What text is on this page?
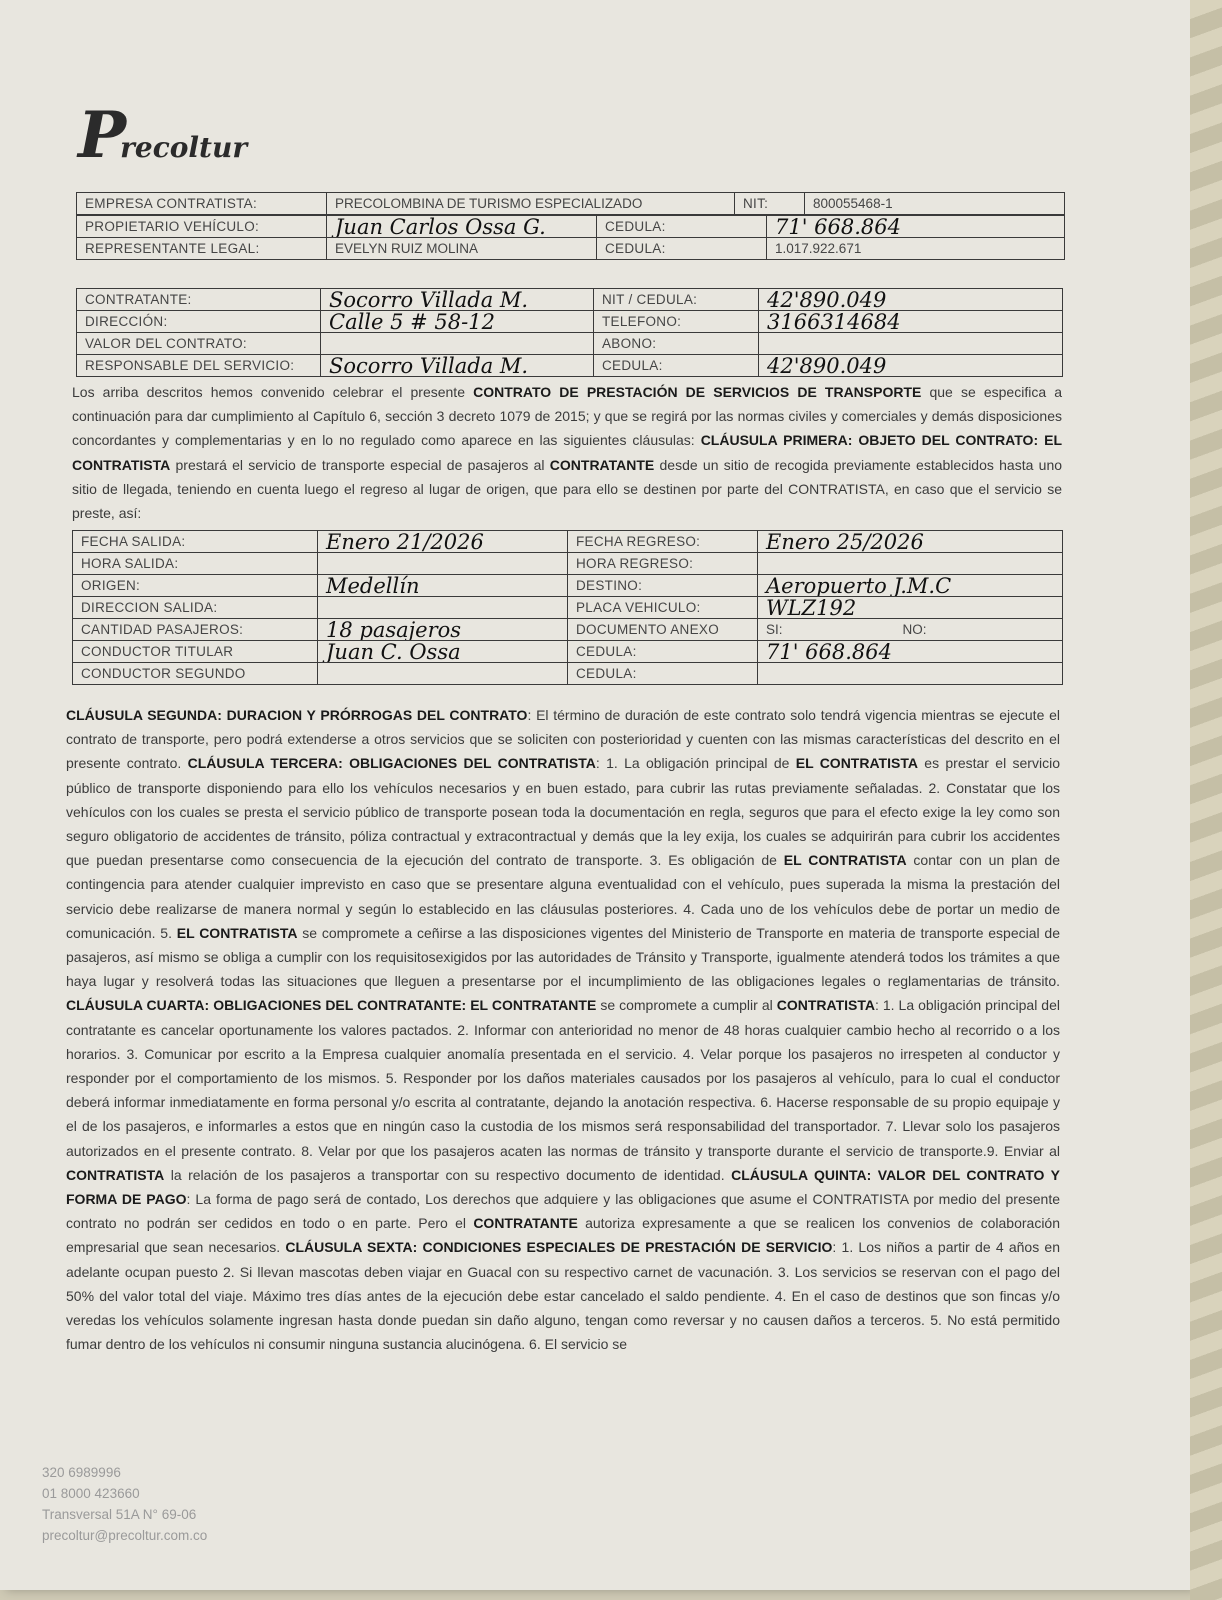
Precoltur
EMPRESA CONTRATISTA:	PRECOLOMBINA DE TURISMO ESPECIALIZADO	NIT:	800055468-1
PROPIETARIO VEHÍCULO:	Juan Carlos Ossa G.	CEDULA:	71' 668.864
REPRESENTANTE LEGAL:	EVELYN RUIZ MOLINA	CEDULA:	1.017.922.671
CONTRATANTE:	Socorro Villada M.	NIT / CEDULA:	42'890.049
DIRECCIÓN:	Calle 5 # 58-12	TELEFONO:	3166314684
VALOR DEL CONTRATO:		ABONO:	
RESPONSABLE DEL SERVICIO:	Socorro Villada M.	CEDULA:	42'890.049
Los arriba descritos hemos convenido celebrar el presente CONTRATO DE PRESTACIÓN DE SERVICIOS DE TRANSPORTE que se especifica a continuación para dar cumplimiento al Capítulo 6, sección 3 decreto 1079 de 2015; y que se regirá por las normas civiles y comerciales y demás disposiciones concordantes y complementarias y en lo no regulado como aparece en las siguientes cláusulas: CLÁUSULA PRIMERA: OBJETO DEL CONTRATO: EL CONTRATISTA prestará el servicio de transporte especial de pasajeros al CONTRATANTE desde un sitio de recogida previamente establecidos hasta uno sitio de llegada, teniendo en cuenta luego el regreso al lugar de origen, que para ello se destinen por parte del CONTRATISTA, en caso que el servicio se preste, así:
FECHA SALIDA:	Enero 21/2026	FECHA REGRESO:	Enero 25/2026
HORA SALIDA:		HORA REGRESO:	
ORIGEN:	Medellín	DESTINO:	Aeropuerto J.M.C
DIRECCION SALIDA:		PLACA VEHICULO:	WLZ192
CANTIDAD PASAJEROS:	18 pasajeros	DOCUMENTO ANEXO	SI: NO:
CONDUCTOR TITULAR	Juan C. Ossa	CEDULA:	71' 668.864
CONDUCTOR SEGUNDO		CEDULA:	
CLÁUSULA SEGUNDA: DURACION Y PRÓRROGAS DEL CONTRATO: El término de duración de este contrato solo tendrá vigencia mientras se ejecute el contrato de transporte, pero podrá extenderse a otros servicios que se soliciten con posterioridad y cuenten con las mismas características del descrito en el presente contrato. CLÁUSULA TERCERA: OBLIGACIONES DEL CONTRATISTA: 1. La obligación principal de EL CONTRATISTA es prestar el servicio público de transporte disponiendo para ello los vehículos necesarios y en buen estado, para cubrir las rutas previamente señaladas. 2. Constatar que los vehículos con los cuales se presta el servicio público de transporte posean toda la documentación en regla, seguros que para el efecto exige la ley como son seguro obligatorio de accidentes de tránsito, póliza contractual y extracontractual y demás que la ley exija, los cuales se adquirirán para cubrir los accidentes que puedan presentarse como consecuencia de la ejecución del contrato de transporte. 3. Es obligación de EL CONTRATISTA contar con un plan de contingencia para atender cualquier imprevisto en caso que se presentare alguna eventualidad con el vehículo, pues superada la misma la prestación del servicio debe realizarse de manera normal y según lo establecido en las cláusulas posteriores. 4. Cada uno de los vehículos debe de portar un medio de comunicación. 5. EL CONTRATISTA se compromete a ceñirse a las disposiciones vigentes del Ministerio de Transporte en materia de transporte especial de pasajeros, así mismo se obliga a cumplir con los requisitosexigidos por las autoridades de Tránsito y Transporte, igualmente atenderá todos los trámites a que haya lugar y resolverá todas las situaciones que lleguen a presentarse por el incumplimiento de las obligaciones legales o reglamentarias de tránsito. CLÁUSULA CUARTA: OBLIGACIONES DEL CONTRATANTE: EL CONTRATANTE se compromete a cumplir al CONTRATISTA: 1. La obligación principal del contratante es cancelar oportunamente los valores pactados. 2. Informar con anterioridad no menor de 48 horas cualquier cambio hecho al recorrido o a los horarios. 3. Comunicar por escrito a la Empresa cualquier anomalía presentada en el servicio. 4. Velar porque los pasajeros no irrespeten al conductor y responder por el comportamiento de los mismos. 5. Responder por los daños materiales causados por los pasajeros al vehículo, para lo cual el conductor deberá informar inmediatamente en forma personal y/o escrita al contratante, dejando la anotación respectiva. 6. Hacerse responsable de su propio equipaje y el de los pasajeros, e informarles a estos que en ningún caso la custodia de los mismos será responsabilidad del transportador. 7. Llevar solo los pasajeros autorizados en el presente contrato. 8. Velar por que los pasajeros acaten las normas de tránsito y transporte durante el servicio de transporte.9. Enviar al CONTRATISTA la relación de los pasajeros a transportar con su respectivo documento de identidad. CLÁUSULA QUINTA: VALOR DEL CONTRATO Y FORMA DE PAGO: La forma de pago será de contado, Los derechos que adquiere y las obligaciones que asume el CONTRATISTA por medio del presente contrato no podrán ser cedidos en todo o en parte. Pero el CONTRATANTE autoriza expresamente a que se realicen los convenios de colaboración empresarial que sean necesarios. CLÁUSULA SEXTA: CONDICIONES ESPECIALES DE PRESTACIÓN DE SERVICIO: 1. Los niños a partir de 4 años en adelante ocupan puesto 2. Si llevan mascotas deben viajar en Guacal con su respectivo carnet de vacunación. 3. Los servicios se reservan con el pago del 50% del valor total del viaje. Máximo tres días antes de la ejecución debe estar cancelado el saldo pendiente. 4. En el caso de destinos que son fincas y/o veredas los vehículos solamente ingresan hasta donde puedan sin daño alguno, tengan como reversar y no causen daños a terceros. 5. No está permitido fumar dentro de los vehículos ni consumir ninguna sustancia alucinógena. 6. El servicio se
320 6989996
01 8000 423660
Transversal 51A N° 69-06
precoltur@precoltur.com.co
